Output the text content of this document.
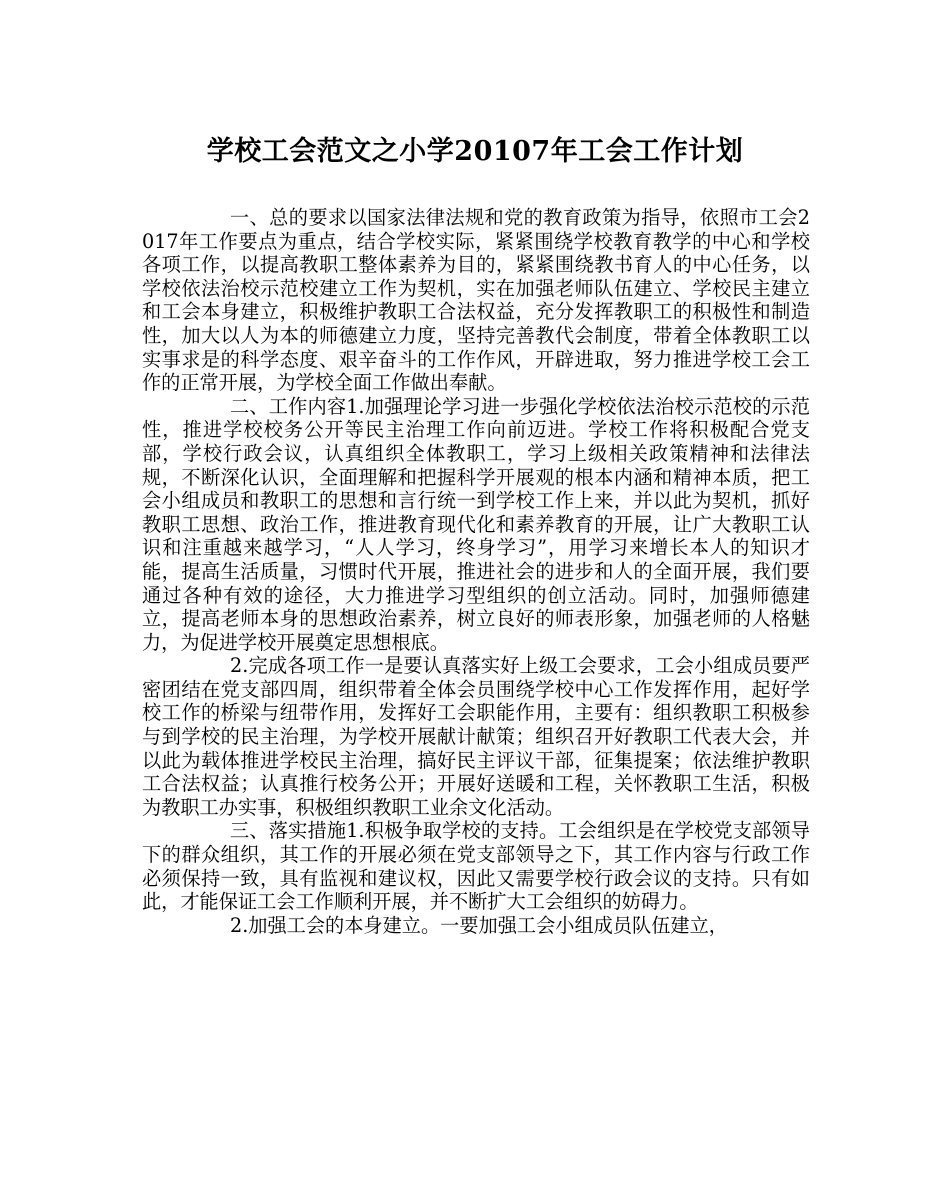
学校工会范文之小学20107年工会工作计划

一、总的要求以国家法律法规和党的教育政策为指导，依照市工会2017年工作要点为重点，结合学校实际，紧紧围绕学校教育教学的中心和学校各项工作，以提高教职工整体素养为目的，紧紧围绕教书育人的中心任务，以学校依法治校示范校建立工作为契机，实在加强老师队伍建立、学校民主建立和工会本身建立，积极维护教职工合法权益，充分发挥教职工的积极性和制造性，加大以人为本的师德建立力度，坚持完善教代会制度，带着全体教职工以实事求是的科学态度、艰辛奋斗的工作作风，开辟进取，努力推进学校工会工作的正常开展，为学校全面工作做出奉献。

二、工作内容1.加强理论学习进一步强化学校依法治校示范校的示范性，推进学校校务公开等民主治理工作向前迈进。学校工作将积极配合党支部，学校行政会议，认真组织全体教职工，学习上级相关政策精神和法律法规，不断深化认识，全面理解和把握科学开展观的根本内涵和精神本质，把工会小组成员和教职工的思想和言行统一到学校工作上来，并以此为契机，抓好教职工思想、政治工作，推进教育现代化和素养教育的开展，让广大教职工认识和注重越来越学习，“人人学习，终身学习”，用学习来增长本人的知识才能，提高生活质量，习惯时代开展，推进社会的进步和人的全面开展，我们要通过各种有效的途径，大力推进学习型组织的创立活动。同时，加强师德建立，提高老师本身的思想政治素养，树立良好的师表形象，加强老师的人格魅力，为促进学校开展奠定思想根底。

2.完成各项工作一是要认真落实好上级工会要求，工会小组成员要严密团结在党支部四周，组织带着全体会员围绕学校中心工作发挥作用，起好学校工作的桥梁与纽带作用，发挥好工会职能作用，主要有：组织教职工积极参与到学校的民主治理，为学校开展献计献策；组织召开好教职工代表大会，并以此为载体推进学校民主治理，搞好民主评议干部，征集提案；依法维护教职工合法权益；认真推行校务公开；开展好送暖和工程，关怀教职工生活，积极为教职工办实事，积极组织教职工业余文化活动。

三、落实措施1.积极争取学校的支持。工会组织是在学校党支部领导下的群众组织，其工作的开展必须在党支部领导之下，其工作内容与行政工作必须保持一致，具有监视和建议权，因此又需要学校行政会议的支持。只有如此，才能保证工会工作顺利开展，并不断扩大工会组织的妨碍力。

2.加强工会的本身建立。一要加强工会小组成员队伍建立，
